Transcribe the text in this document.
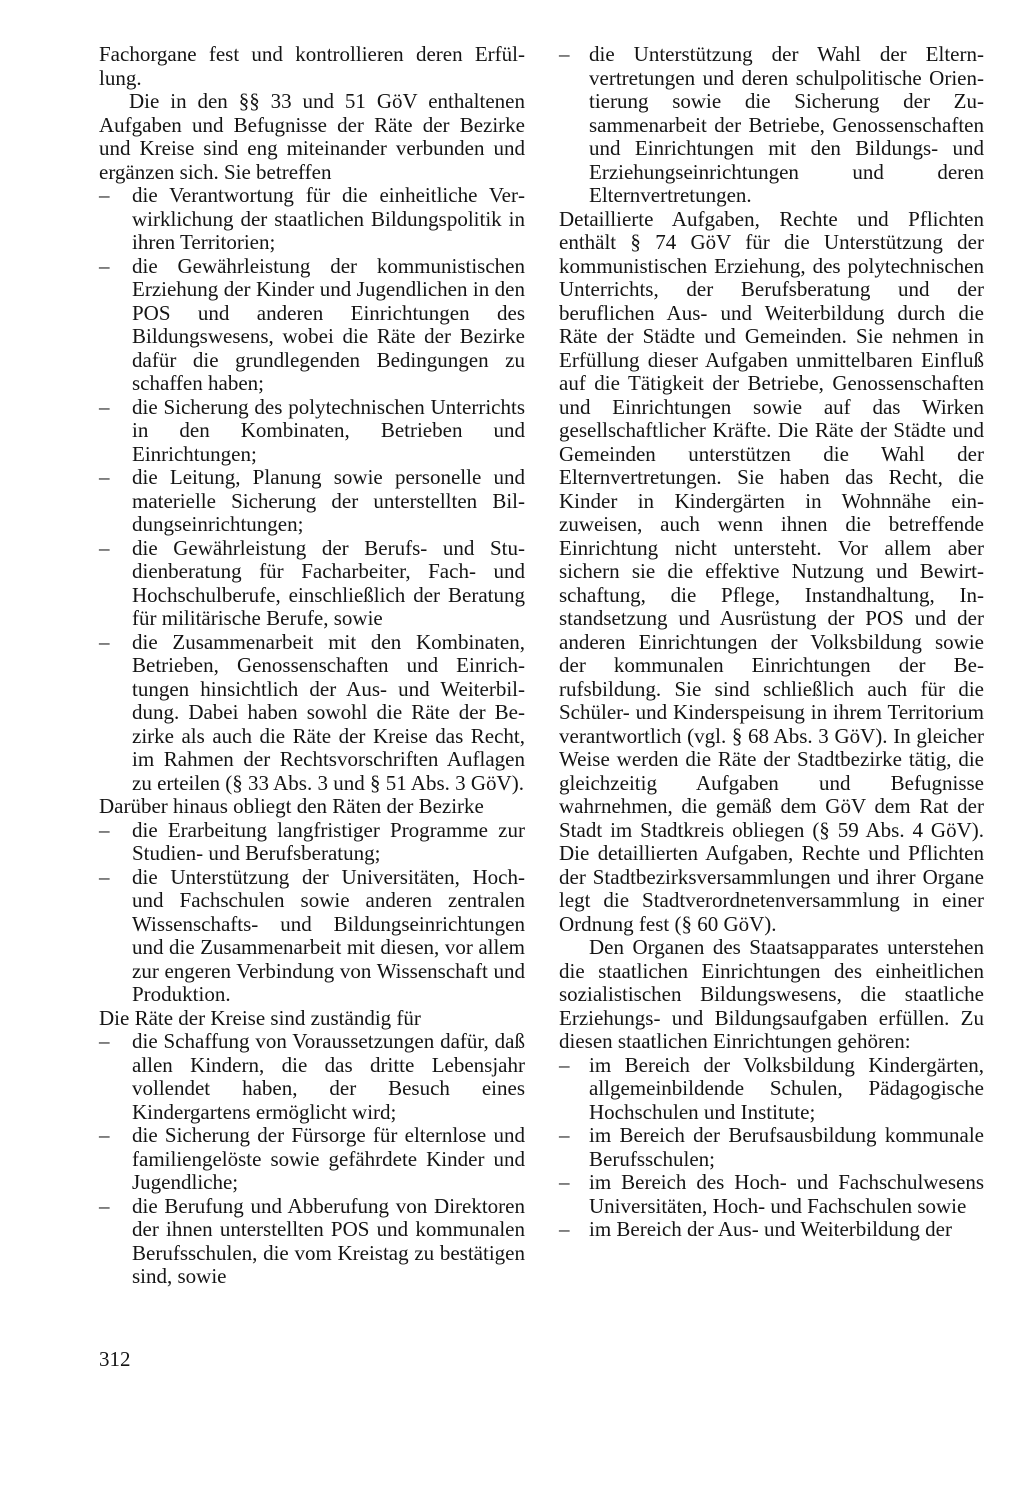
Fachorgane fest und kontrollieren deren Erfüllung.

Die in den §§ 33 und 51 GöV enthaltenen Aufgaben und Befugnisse der Räte der Bezirke und Kreise sind eng miteinander verbunden und ergänzen sich. Sie betreffen

– die Verantwortung für die einheitliche Verwirklichung der staatlichen Bildungspolitik in ihren Territorien;
– die Gewährleistung der kommunistischen Erziehung der Kinder und Jugendlichen in den POS und anderen Einrichtungen des Bildungswesens, wobei die Räte der Bezirke dafür die grundlegenden Bedingungen zu schaffen haben;
– die Sicherung des polytechnischen Unterrichts in den Kombinaten, Betrieben und Einrichtungen;
– die Leitung, Planung sowie personelle und materielle Sicherung der unterstellten Bildungseinrichtungen;
– die Gewährleistung der Berufs- und Studienberatung für Facharbeiter, Fach- und Hochschulberufe, einschließlich der Beratung für militärische Berufe, sowie
– die Zusammenarbeit mit den Kombinaten, Betrieben, Genossenschaften und Einrichtungen hinsichtlich der Aus- und Weiterbildung. Dabei haben sowohl die Räte der Bezirke als auch die Räte der Kreise das Recht, im Rahmen der Rechtsvorschriften Auflagen zu erteilen (§ 33 Abs. 3 und § 51 Abs. 3 GöV).

Darüber hinaus obliegt den Räten der Bezirke

– die Erarbeitung langfristiger Programme zur Studien- und Berufsberatung;
– die Unterstützung der Universitäten, Hoch- und Fachschulen sowie anderen zentralen Wissenschafts- und Bildungseinrichtungen und die Zusammenarbeit mit diesen, vor allem zur engeren Verbindung von Wissenschaft und Produktion.

Die Räte der Kreise sind zuständig für

– die Schaffung von Voraussetzungen dafür, daß allen Kindern, die das dritte Lebensjahr vollendet haben, der Besuch eines Kindergartens ermöglicht wird;
– die Sicherung der Fürsorge für elternlose und familiengelöste sowie gefährdete Kinder und Jugendliche;
– die Berufung und Abberufung von Direktoren der ihnen unterstellten POS und kommunalen Berufsschulen, die vom Kreistag zu bestätigen sind, sowie
– die Unterstützung der Wahl der Elternvertretungen und deren schulpolitische Orientierung sowie die Sicherung der Zusammenarbeit der Betriebe, Genossenschaften und Einrichtungen mit den Bildungs- und Erziehungseinrichtungen und deren Elternvertretungen.

Detaillierte Aufgaben, Rechte und Pflichten enthält § 74 GöV für die Unterstützung der kommunistischen Erziehung, des polytechnischen Unterrichts, der Berufsberatung und der beruflichen Aus- und Weiterbildung durch die Räte der Städte und Gemeinden. Sie nehmen in Erfüllung dieser Aufgaben unmittelbaren Einfluß auf die Tätigkeit der Betriebe, Genossenschaften und Einrichtungen sowie auf das Wirken gesellschaftlicher Kräfte. Die Räte der Städte und Gemeinden unterstützen die Wahl der Elternvertretungen. Sie haben das Recht, die Kinder in Kindergärten in Wohnnähe einzuweisen, auch wenn ihnen die betreffende Einrichtung nicht untersteht. Vor allem aber sichern sie die effektive Nutzung und Bewirtschaftung, die Pflege, Instandhaltung, Instandsetzung und Ausrüstung der POS und der anderen Einrichtungen der Volksbildung sowie der kommunalen Einrichtungen der Berufsbildung. Sie sind schließlich auch für die Schüler- und Kinderspeisung in ihrem Territorium verantwortlich (vgl. § 68 Abs. 3 GöV). In gleicher Weise werden die Räte der Stadtbezirke tätig, die gleichzeitig Aufgaben und Befugnisse wahrnehmen, die gemäß dem GöV dem Rat der Stadt im Stadtkreis obliegen (§ 59 Abs. 4 GöV). Die detaillierten Aufgaben, Rechte und Pflichten der Stadtbezirksversammlungen und ihrer Organe legt die Stadtverordnetenversammlung in einer Ordnung fest (§ 60 GöV).

Den Organen des Staatsapparates unterstehen die staatlichen Einrichtungen des einheitlichen sozialistischen Bildungswesens, die staatliche Erziehungs- und Bildungsaufgaben erfüllen. Zu diesen staatlichen Einrichtungen gehören:

– im Bereich der Volksbildung Kindergärten, allgemeinbildende Schulen, Pädagogische Hochschulen und Institute;
– im Bereich der Berufsausbildung kommunale Berufsschulen;
– im Bereich des Hoch- und Fachschulwesens Universitäten, Hoch- und Fachschulen sowie
– im Bereich der Aus- und Weiterbildung der
312
